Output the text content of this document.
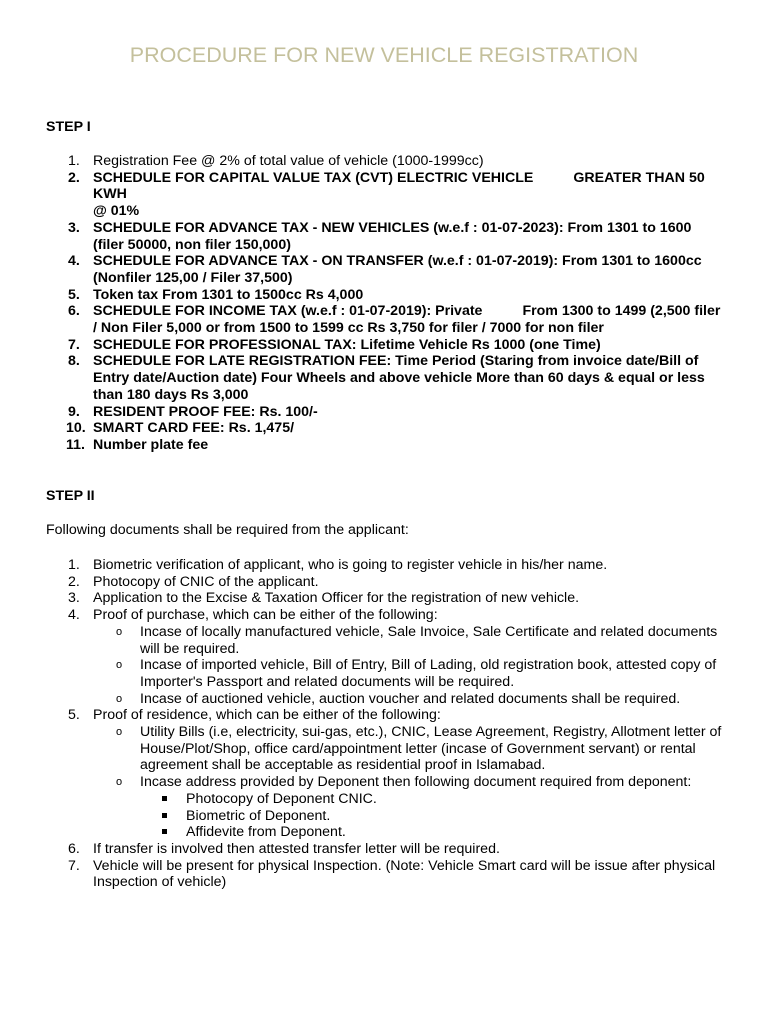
PROCEDURE FOR NEW VEHICLE REGISTRATION
STEP I
1. Registration Fee @ 2% of total value of vehicle (1000-1999cc)
2. SCHEDULE FOR CAPITAL VALUE TAX (CVT) ELECTRIC VEHICLE	GREATER THAN 50 KWH
@ 01%
3. SCHEDULE FOR ADVANCE TAX - NEW VEHICLES (w.e.f : 01-07-2023): From 1301 to 1600 (filer 50000, non filer 150,000)
4. SCHEDULE FOR ADVANCE TAX - ON TRANSFER (w.e.f : 01-07-2019): From 1301 to 1600cc (Nonfiler 125,00 / Filer 37,500)
5. Token tax From 1301 to 1500cc Rs 4,000
6. SCHEDULE FOR INCOME TAX (w.e.f : 01-07-2019): Private	From 1300 to 1499 (2,500 filer / Non Filer 5,000 or from 1500 to 1599 cc Rs 3,750 for filer / 7000 for non filer
7. SCHEDULE FOR PROFESSIONAL TAX: Lifetime Vehicle Rs 1000 (one Time)
8. SCHEDULE FOR LATE REGISTRATION FEE: Time Period (Staring from invoice date/Bill of Entry date/Auction date) Four Wheels and above vehicle More than 60 days & equal or less than 180 days Rs 3,000
9. RESIDENT PROOF FEE: Rs. 100/-
10. SMART CARD FEE: Rs. 1,475/
11. Number plate fee
STEP II
Following documents shall be required from the applicant:
1. Biometric verification of applicant, who is going to register vehicle in his/her name.
2. Photocopy of CNIC of the applicant.
3. Application to the Excise & Taxation Officer for the registration of new vehicle.
4. Proof of purchase, which can be either of the following:
o Incase of locally manufactured vehicle, Sale Invoice, Sale Certificate and related documents will be required.
o Incase of imported vehicle, Bill of Entry, Bill of Lading, old registration book, attested copy of Importer's Passport and related documents will be required.
o Incase of auctioned vehicle, auction voucher and related documents shall be required.
5. Proof of residence, which can be either of the following:
o Utility Bills (i.e, electricity, sui-gas, etc.), CNIC, Lease Agreement, Registry, Allotment letter of House/Plot/Shop, office card/appointment letter (incase of Government servant) or rental agreement shall be acceptable as residential proof in Islamabad.
o Incase address provided by Deponent then following document required from deponent:
Photocopy of Deponent CNIC.
Biometric of Deponent.
Affidevite from Deponent.
6. If transfer is involved then attested transfer letter will be required.
7. Vehicle will be present for physical Inspection. (Note: Vehicle Smart card will be issue after physical Inspection of vehicle)
